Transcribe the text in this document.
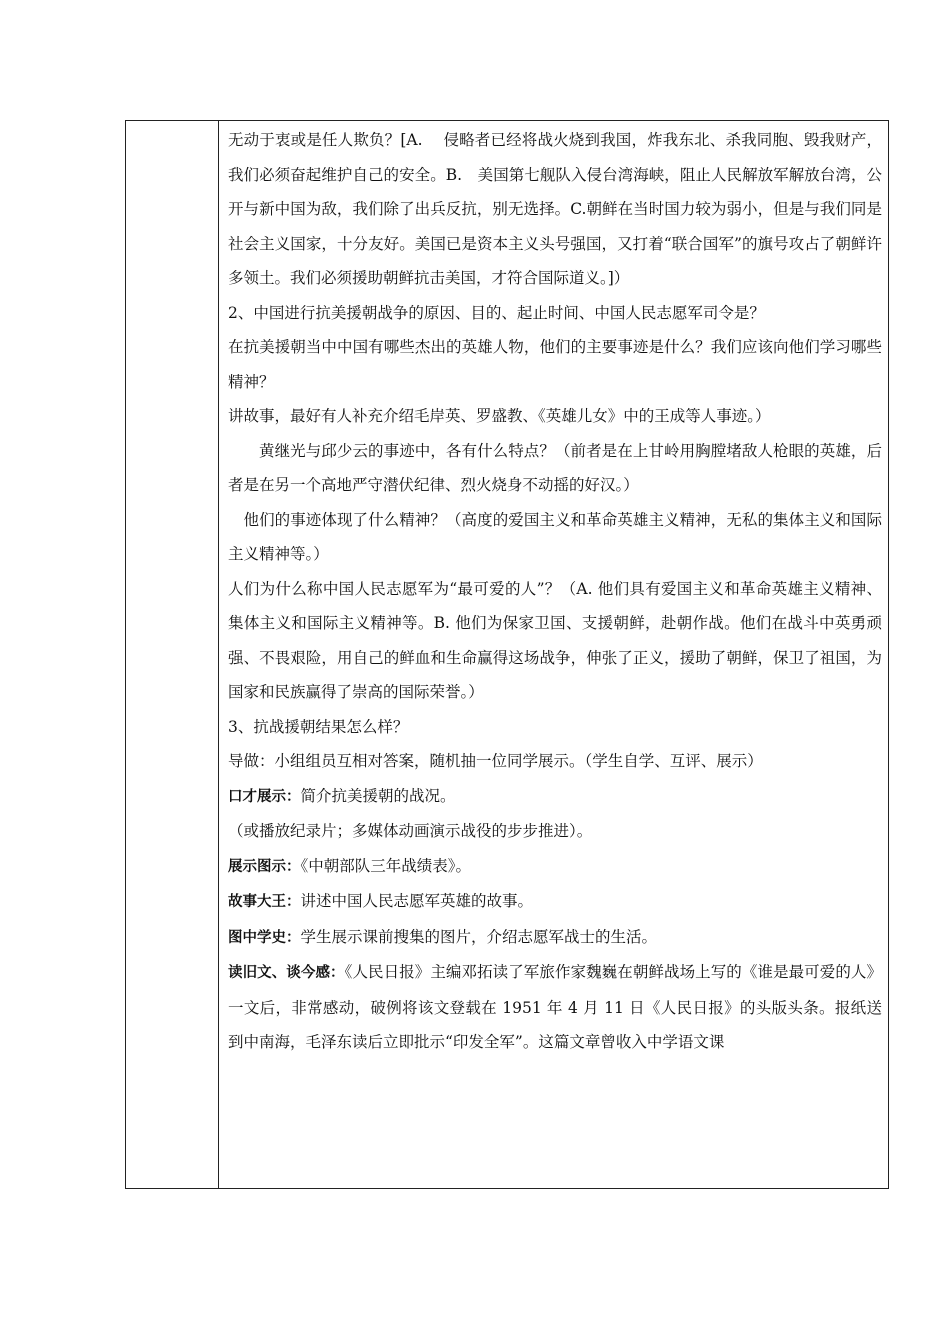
无动于衷或是任人欺负？[A.　 侵略者已经将战火烧到我国，炸我东北、杀我同胞、毁我财产，我们必须奋起维护自己的安全。B.　美国第七舰队入侵台湾海峡，阻止人民解放军解放台湾，公开与新中国为敌，我们除了出兵反抗，别无选择。C.朝鲜在当时国力较为弱小，但是与我们同是社会主义国家，十分友好。美国已是资本主义头号强国，又打着“联合国军”的旗号攻占了朝鲜许多领土。我们必须援助朝鲜抗击美国，才符合国际道义。]）

2、中国进行抗美援朝战争的原因、目的、起止时间、中国人民志愿军司令是？

在抗美援朝当中中国有哪些杰出的英雄人物，他们的主要事迹是什么？我们应该向他们学习哪些精神？

讲故事，最好有人补充介绍毛岸英、罗盛教、《英雄儿女》中的王成等人事迹。）

黄继光与邱少云的事迹中，各有什么特点？（前者是在上甘岭用胸膛堵敌人枪眼的英雄，后者是在另一个高地严守潜伏纪律、烈火烧身不动摇的好汉。）

他们的事迹体现了什么精神？（高度的爱国主义和革命英雄主义精神，无私的集体主义和国际主义精神等。）

人们为什么称中国人民志愿军为“最可爱的人”？（A. 他们具有爱国主义和革命英雄主义精神、集体主义和国际主义精神等。B. 他们为保家卫国、支援朝鲜，赴朝作战。他们在战斗中英勇顽强、不畏艰险，用自己的鲜血和生命赢得这场战争，伸张了正义，援助了朝鲜，保卫了祖国，为国家和民族赢得了崇高的国际荣誉。）

3、抗战援朝结果怎么样？

导做：小组组员互相对答案，随机抽一位同学展示。（学生自学、互评、展示）

口才展示：简介抗美援朝的战况。

（或播放纪录片；多媒体动画演示战役的步步推进）。

展示图示：《中朝部队三年战绩表》。

故事大王：讲述中国人民志愿军英雄的故事。

图中学史：学生展示课前搜集的图片，介绍志愿军战士的生活。

读旧文、谈今感：《人民日报》主编邓拓读了军旅作家魏巍在朝鲜战场上写的《谁是最可爱的人》一文后，非常感动，破例将该文登载在 1951 年 4 月 11 日《人民日报》的头版头条。报纸送到中南海，毛泽东读后立即批示“印发全军”。这篇文章曾收入中学语文课
